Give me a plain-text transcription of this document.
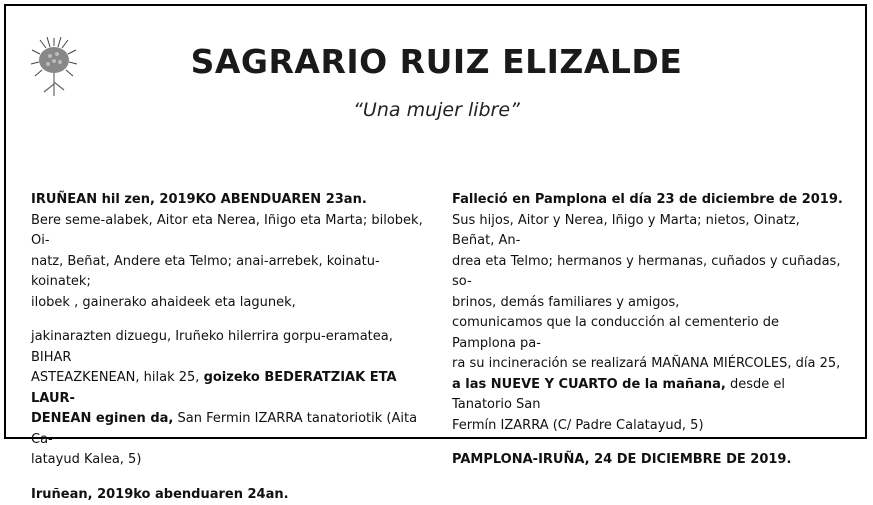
SAGRARIO RUIZ ELIZALDE
“Una mujer libre”

IRUÑEAN hil zen, 2019KO ABENDUAREN 23an.

Bere seme-alabek, Aitor eta Nerea, Iñigo eta Marta; bilobek, Oi-

natz, Beñat, Andere eta Telmo; anai-arrebek, koinatu-koinatek;

ilobek , gainerako ahaideek eta lagunek,

jakinarazten dizuegu, Iruñeko hilerrira gorpu-eramatea, BIHAR

ASTEAZKENEAN, hilak 25, goizeko BEDERATZIAK ETA LAUR-

DENEAN eginen da, San Fermin IZARRA tanatoriotik (Aita Ca-

latayud Kalea, 5)

Iruñean, 2019ko abenduaren 24an.

Falleció en Pamplona el día 23 de diciembre de 2019.

Sus hijos, Aitor y Nerea, Iñigo y Marta; nietos, Oinatz, Beñat, An-

drea eta Telmo; hermanos y hermanas, cuñados y cuñadas, so-

brinos, demás familiares y amigos,

comunicamos que la conducción al cementerio de Pamplona pa-

ra su incineración se realizará MAÑANA MIÉRCOLES, día 25,

a las NUEVE Y CUARTO de la mañana, desde el Tanatorio San

Fermín IZARRA (C/ Padre Calatayud, 5)

PAMPLONA-IRUÑA, 24 DE DICIEMBRE DE 2019.
